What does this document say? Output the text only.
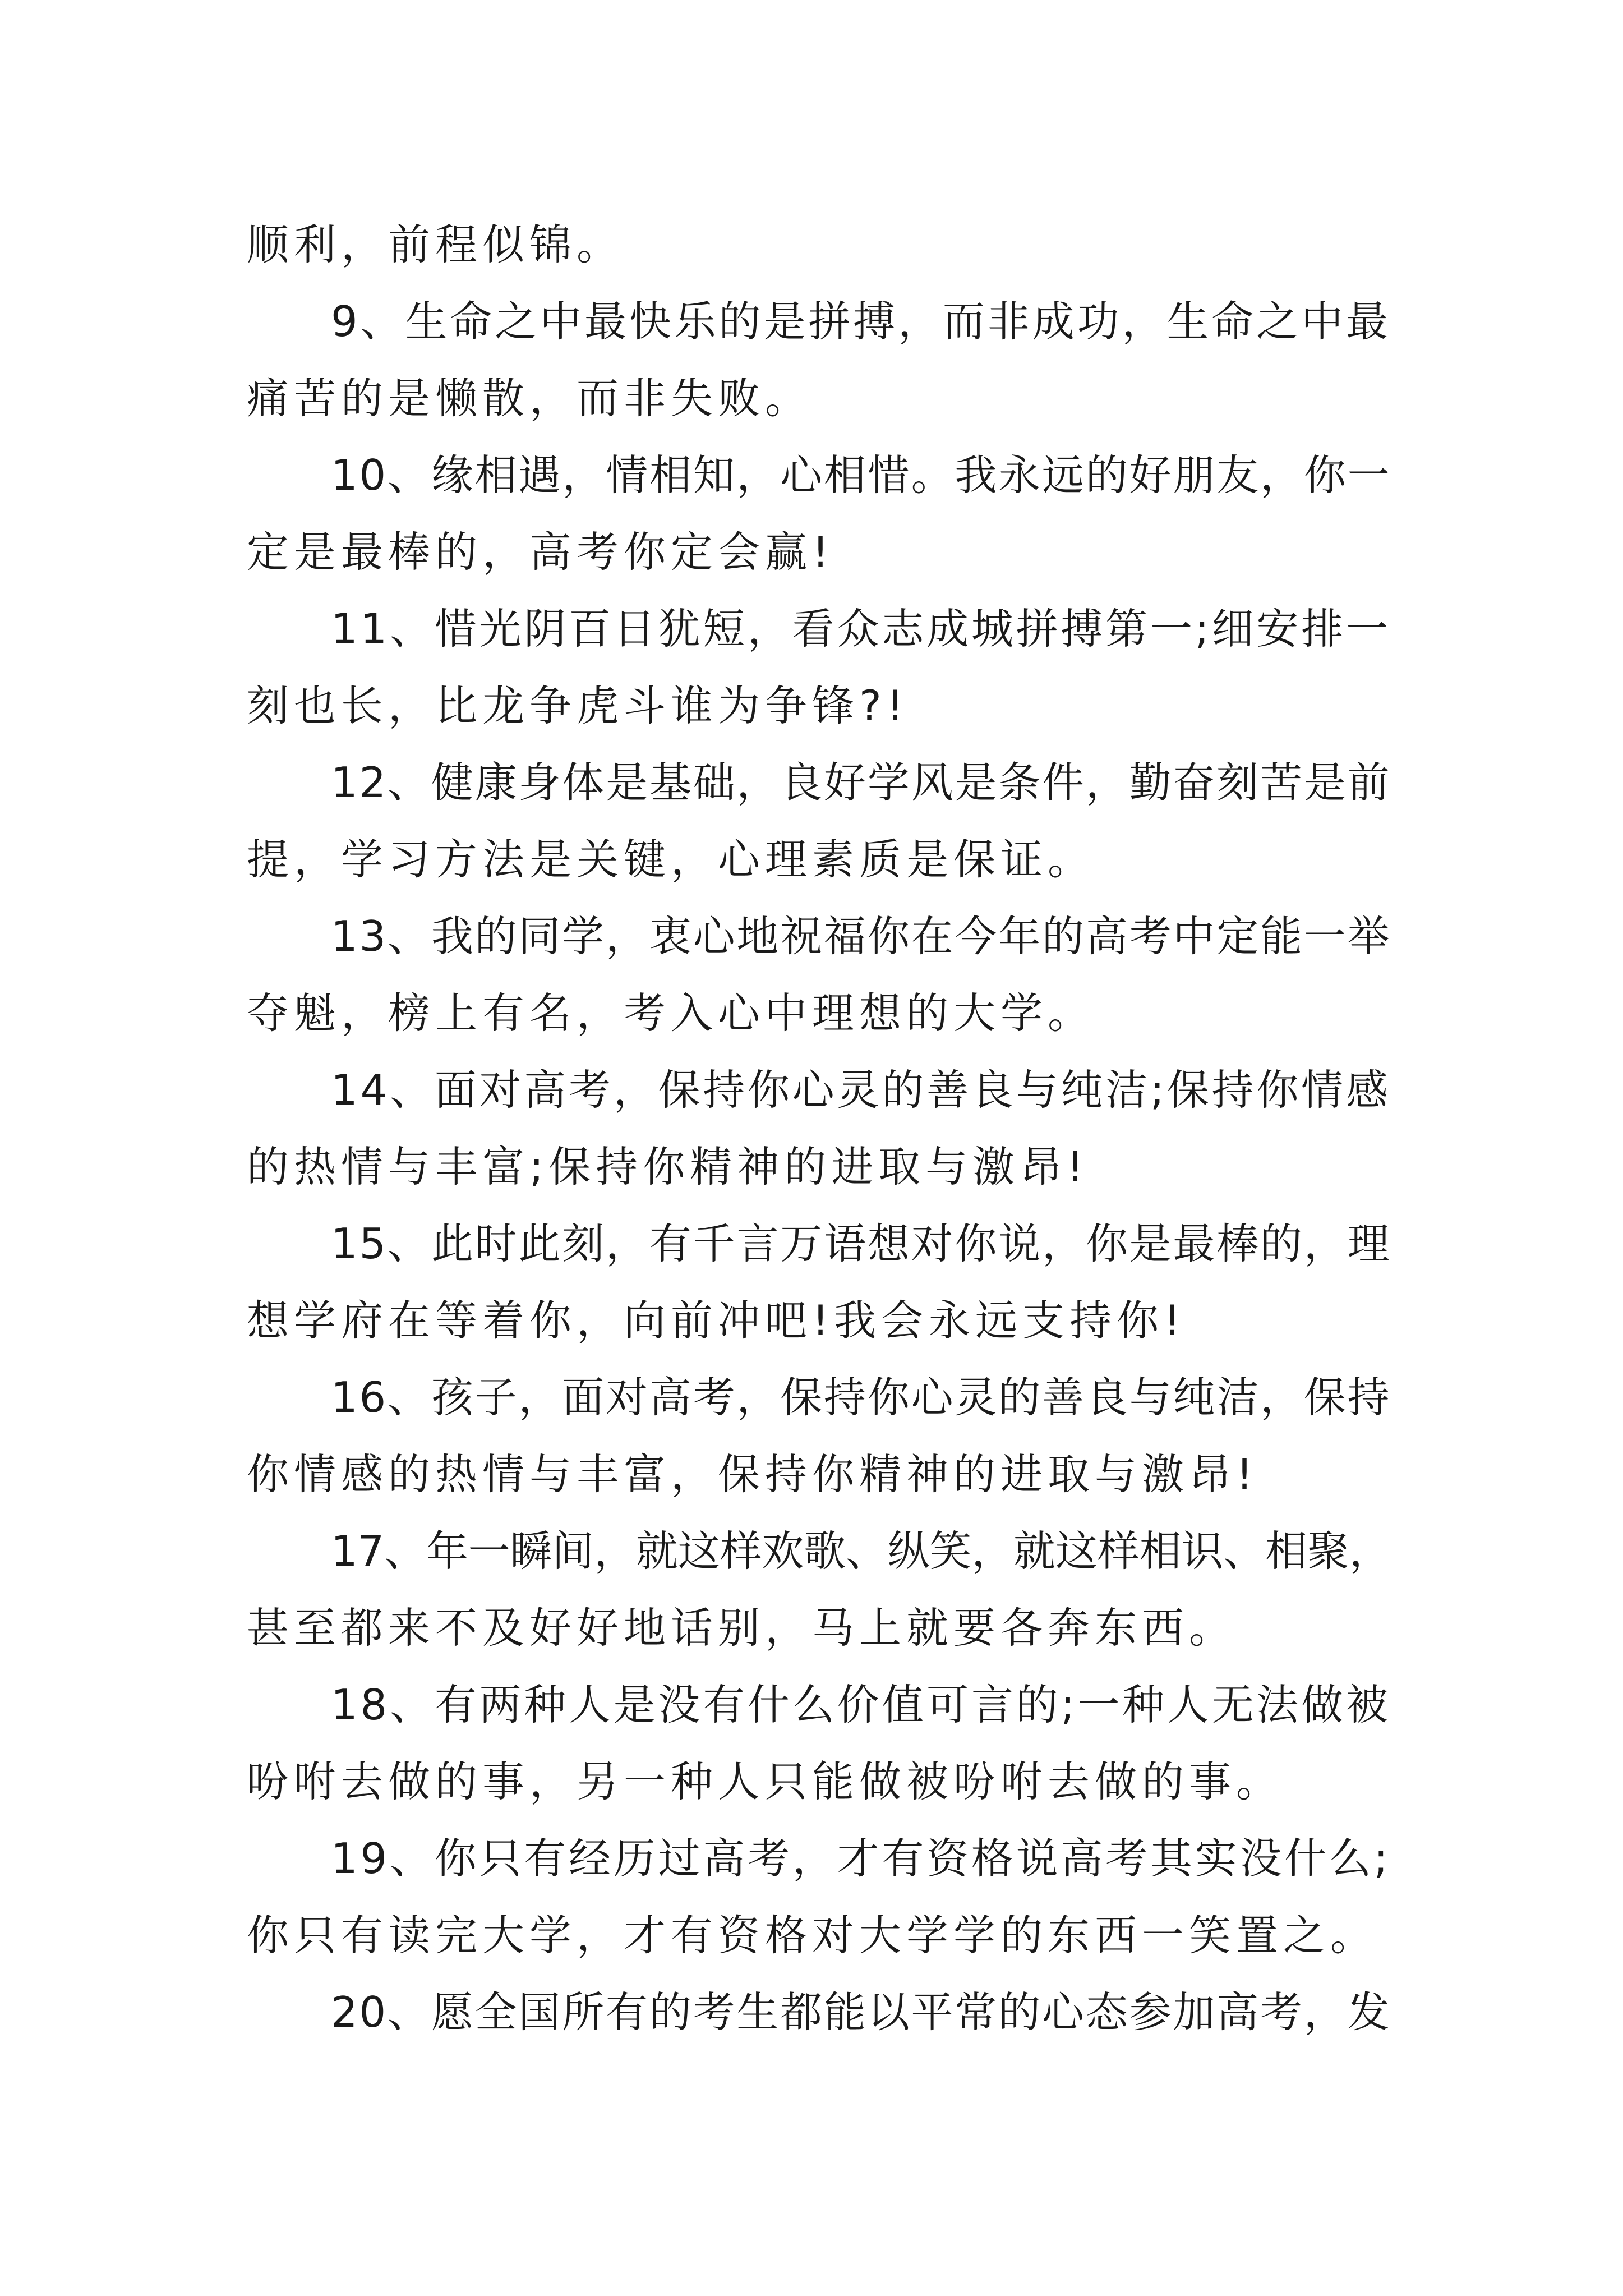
顺利，前程似锦。
9、生命之中最快乐的是拼搏，而非成功，生命之中最
痛苦的是懒散，而非失败。
10、缘相遇，情相知，心相惜。我永远的好朋友，你一
定是最棒的，高考你定会赢!
11、惜光阴百日犹短，看众志成城拼搏第一;细安排一
刻也长，比龙争虎斗谁为争锋?!
12、健康身体是基础，良好学风是条件，勤奋刻苦是前
提，学习方法是关键，心理素质是保证。
13、我的同学，衷心地祝福你在今年的高考中定能一举
夺魁，榜上有名，考入心中理想的大学。
14、面对高考，保持你心灵的善良与纯洁;保持你情感
的热情与丰富;保持你精神的进取与激昂!
15、此时此刻，有千言万语想对你说，你是最棒的，理
想学府在等着你，向前冲吧!我会永远支持你!
16、孩子，面对高考，保持你心灵的善良与纯洁，保持
你情感的热情与丰富，保持你精神的进取与激昂!
17、年一瞬间，就这样欢歌、纵笑，就这样相识、相聚，
甚至都来不及好好地话别，马上就要各奔东西。
18、有两种人是没有什么价值可言的;一种人无法做被
吩咐去做的事，另一种人只能做被吩咐去做的事。
19、你只有经历过高考，才有资格说高考其实没什么;
你只有读完大学，才有资格对大学学的东西一笑置之。
20、愿全国所有的考生都能以平常的心态参加高考，发
